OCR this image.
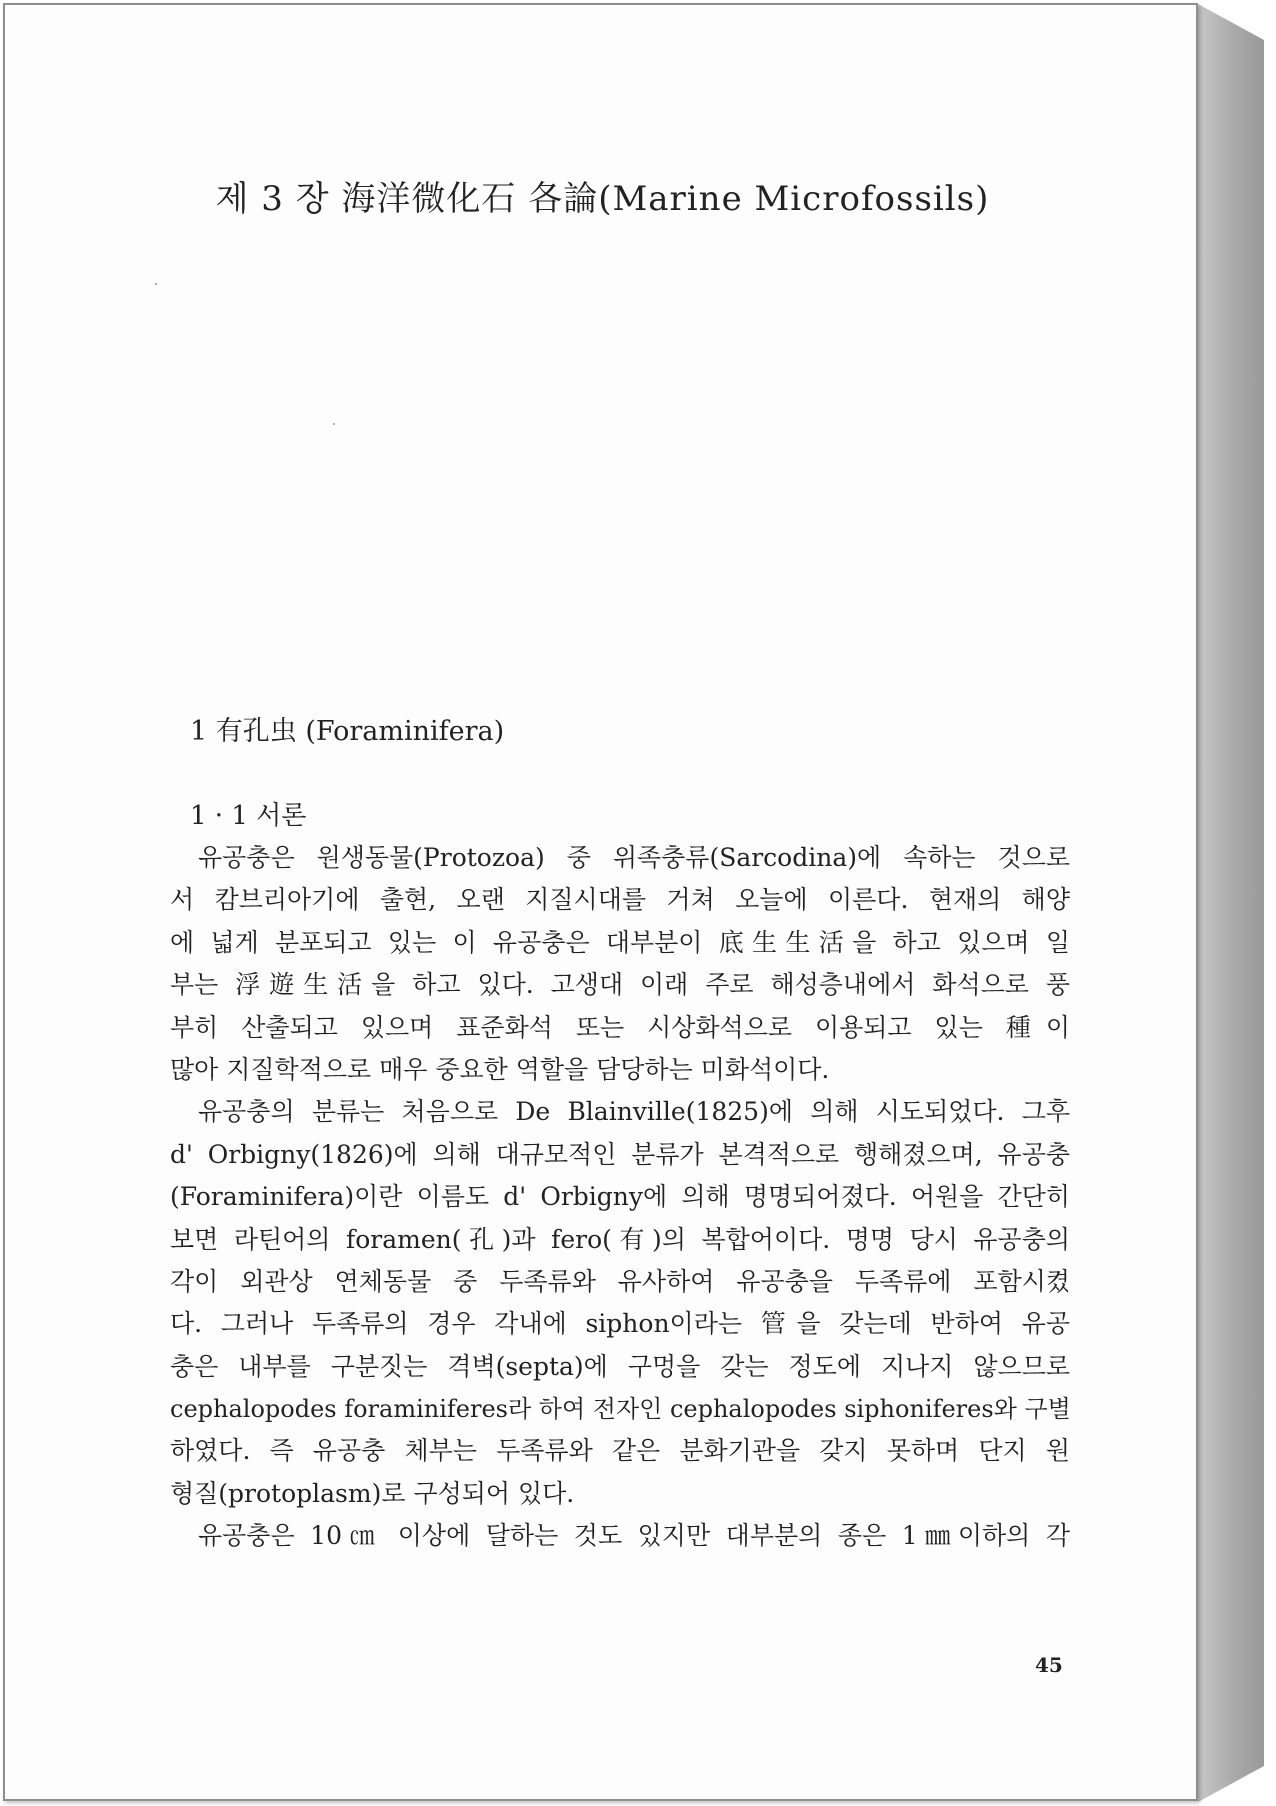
제 3 장 海洋微化石 各論(Marine Microfossils)
1 有孔虫 (Foraminifera)
1 · 1 서론
유공충은 원생동물(Protozoa) 중 위족충류(Sarcodina)에 속하는 것으로
서 캄브리아기에 출현, 오랜 지질시대를 거쳐 오늘에 이른다. 현재의 해양
에 넓게 분포되고 있는 이 유공충은 대부분이 底生生活을 하고 있으며 일
부는 浮遊生活을 하고 있다. 고생대 이래 주로 해성층내에서 화석으로 풍
부히 산출되고 있으며 표준화석 또는 시상화석으로 이용되고 있는 種이
많아 지질학적으로 매우 중요한 역할을 담당하는 미화석이다.
유공충의 분류는 처음으로 De Blainville(1825)에 의해 시도되었다. 그후
d' Orbigny(1826)에 의해 대규모적인 분류가 본격적으로 행해졌으며, 유공충
(Foraminifera)이란 이름도 d' Orbigny에 의해 명명되어졌다. 어원을 간단히
보면 라틴어의 foramen(孔)과 fero(有)의 복합어이다. 명명 당시 유공충의
각이 외관상 연체동물 중 두족류와 유사하여 유공충을 두족류에 포함시켰
다. 그러나 두족류의 경우 각내에 siphon이라는 管을 갖는데 반하여 유공
충은 내부를 구분짓는 격벽(septa)에 구멍을 갖는 정도에 지나지 않으므로
cephalopodes foraminiferes라 하여 전자인 cephalopodes siphoniferes와 구별
하였다. 즉 유공충 체부는 두족류와 같은 분화기관을 갖지 못하며 단지 원
형질(protoplasm)로 구성되어 있다.
유공충은 10㎝ 이상에 달하는 것도 있지만 대부분의 종은 1㎜이하의 각
45
